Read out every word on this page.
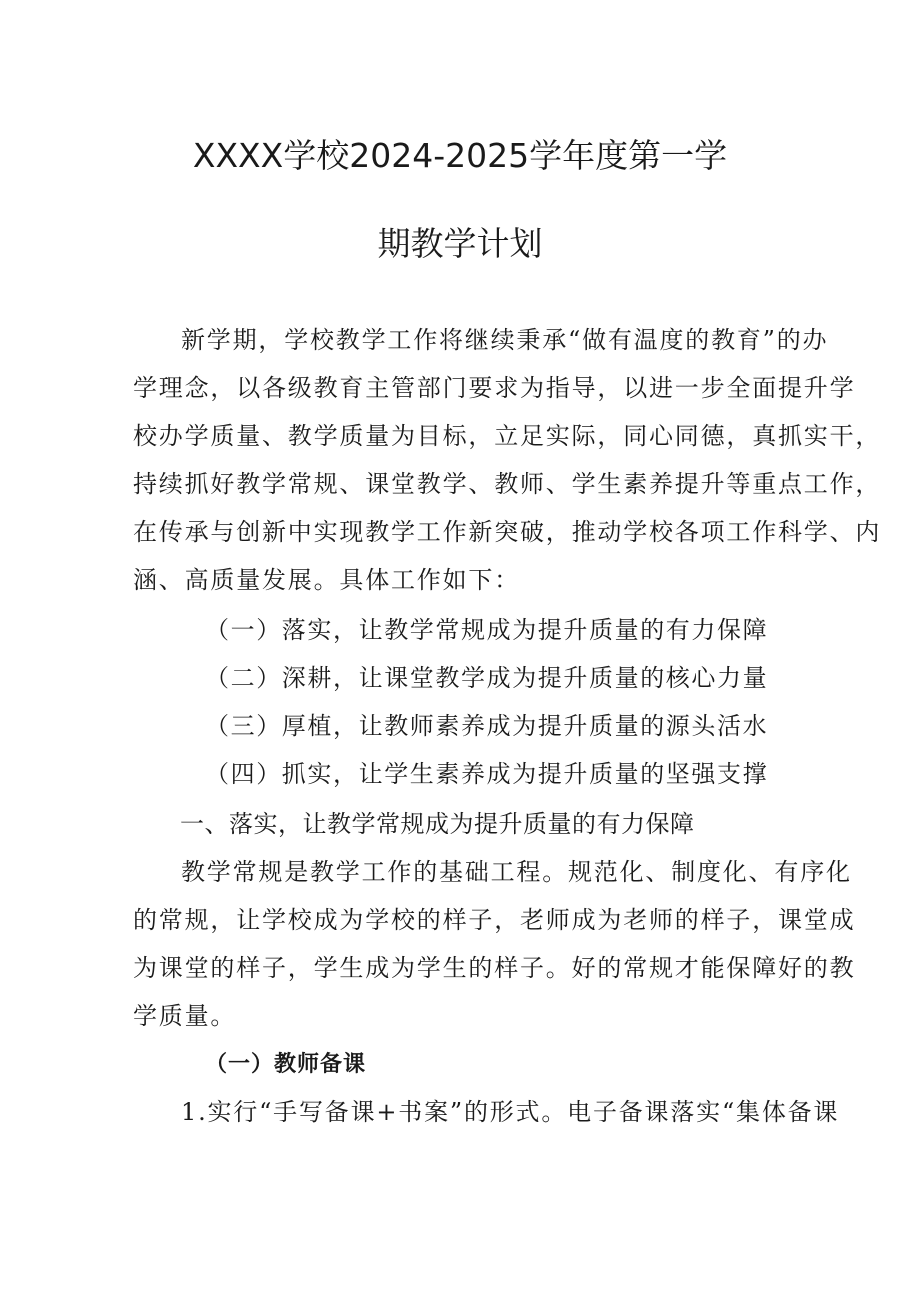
XXXX学校2024-2025学年度第一学
期教学计划
新学期，学校教学工作将继续秉承“做有温度的教育”的办
学理念，以各级教育主管部门要求为指导，以进一步全面提升学
校办学质量、教学质量为目标，立足实际，同心同德，真抓实干，
持续抓好教学常规、课堂教学、教师、学生素养提升等重点工作，
在传承与创新中实现教学工作新突破，推动学校各项工作科学、内
涵、高质量发展。具体工作如下：
（一）落实，让教学常规成为提升质量的有力保障
（二）深耕，让课堂教学成为提升质量的核心力量
（三）厚植，让教师素养成为提升质量的源头活水
（四）抓实，让学生素养成为提升质量的坚强支撑
一、落实，让教学常规成为提升质量的有力保障
教学常规是教学工作的基础工程。规范化、制度化、有序化
的常规，让学校成为学校的样子，老师成为老师的样子，课堂成
为课堂的样子，学生成为学生的样子。好的常规才能保障好的教
学质量。
（一）教师备课
1.实行“手写备课+书案”的形式。电子备课落实“集体备课
